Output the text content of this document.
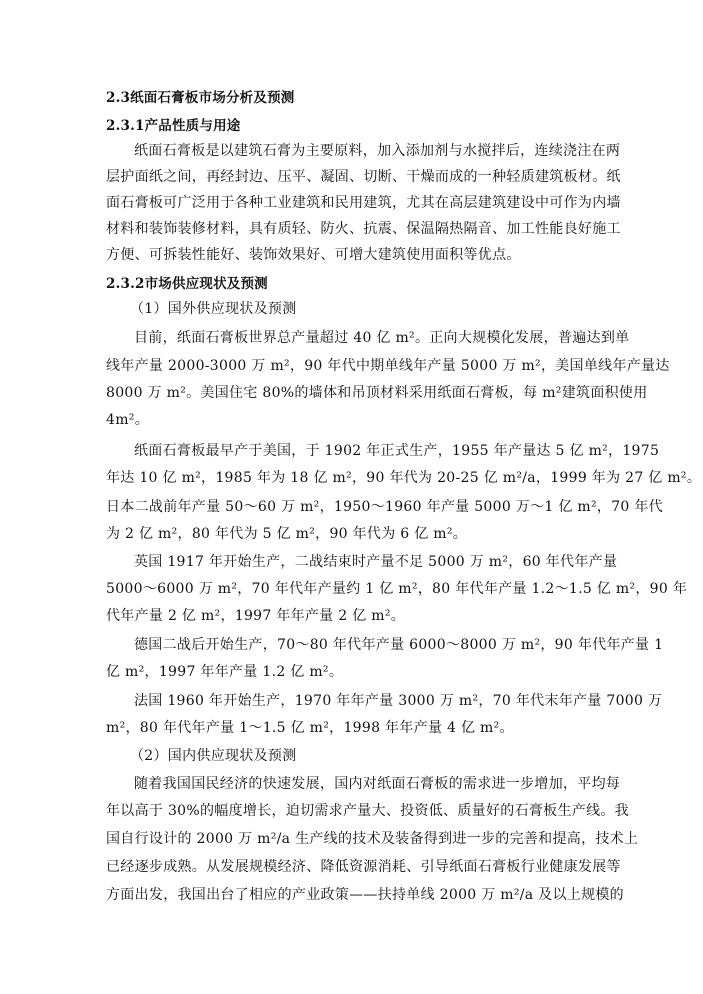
2.3纸面石膏板市场分析及预测
2.3.1产品性质与用途
纸面石膏板是以建筑石膏为主要原料，加入添加剂与水搅拌后，连续浇注在两
层护面纸之间，再经封边、压平、凝固、切断、干燥而成的一种轻质建筑板材。纸
面石膏板可广泛用于各种工业建筑和民用建筑，尤其在高层建筑建设中可作为内墙
材料和装饰装修材料，具有质轻、防火、抗震、保温隔热隔音、加工性能良好施工
方便、可拆装性能好、装饰效果好、可增大建筑使用面积等优点。
2.3.2市场供应现状及预测
（1）国外供应现状及预测
目前，纸面石膏板世界总产量超过 40 亿 m²。正向大规模化发展，普遍达到单
线年产量 2000-3000 万 m²，90 年代中期单线年产量 5000 万 m²，美国单线年产量达
8000 万 m²。美国住宅 80%的墙体和吊顶材料采用纸面石膏板，每 m²建筑面积使用
4m²。
纸面石膏板最早产于美国，于 1902 年正式生产，1955 年产量达 5 亿 m²，1975
年达 10 亿 m²，1985 年为 18 亿 m²，90 年代为 20-25 亿 m²/a，1999 年为 27 亿 m²。
日本二战前年产量 50～60 万 m²，1950～1960 年产量 5000 万～1 亿 m²，70 年代
为 2 亿 m²，80 年代为 5 亿 m²，90 年代为 6 亿 m²。
英国 1917 年开始生产，二战结束时产量不足 5000 万 m²，60 年代年产量
5000～6000 万 m²，70 年代年产量约 1 亿 m²，80 年代年产量 1.2～1.5 亿 m²，90 年
代年产量 2 亿 m²，1997 年年产量 2 亿 m²。
德国二战后开始生产，70～80 年代年产量 6000～8000 万 m²，90 年代年产量 1
亿 m²，1997 年年产量 1.2 亿 m²。
法国 1960 年开始生产，1970 年年产量 3000 万 m²，70 年代末年产量 7000 万
m²，80 年代年产量 1～1.5 亿 m²，1998 年年产量 4 亿 m²。
（2）国内供应现状及预测
随着我国国民经济的快速发展，国内对纸面石膏板的需求进一步增加，平均每
年以高于 30%的幅度增长，迫切需求产量大、投资低、质量好的石膏板生产线。我
国自行设计的 2000 万 m²/a 生产线的技术及装备得到进一步的完善和提高，技术上
已经逐步成熟。从发展规模经济、降低资源消耗、引导纸面石膏板行业健康发展等
方面出发，我国出台了相应的产业政策——扶持单线 2000 万 m²/a 及以上规模的
